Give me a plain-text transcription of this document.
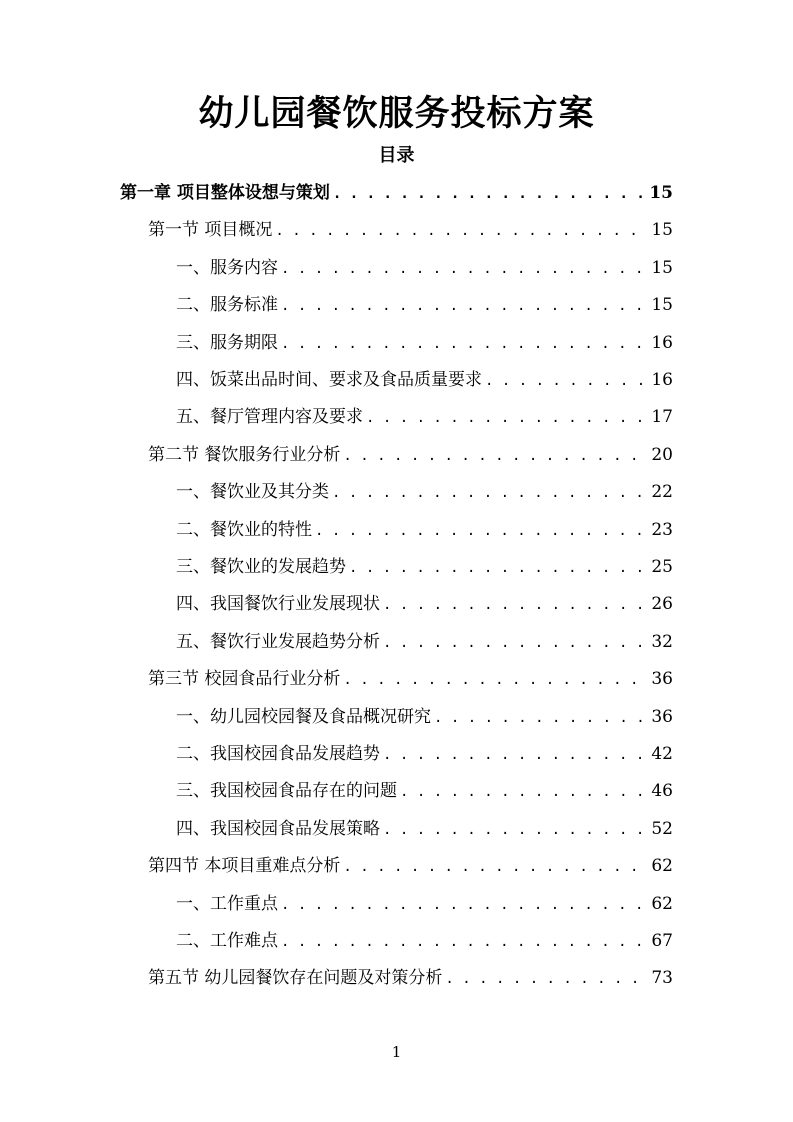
幼儿园餐饮服务投标方案
目录
第一章 项目整体设想与策划 . . .	15
第一节 项目概况 . . .	15
一、服务内容 . . .	15
二、服务标准 . . .	15
三、服务期限 . . .	16
四、饭菜出品时间、要求及食品质量要求 . . .	16
五、餐厅管理内容及要求 . . .	17
第二节 餐饮服务行业分析 . . .	20
一、餐饮业及其分类 . . .	22
二、餐饮业的特性 . . .	23
三、餐饮业的发展趋势 . . .	25
四、我国餐饮行业发展现状 . . .	26
五、餐饮行业发展趋势分析 . . .	32
第三节 校园食品行业分析 . . .	36
一、幼儿园校园餐及食品概况研究 . . .	36
二、我国校园食品发展趋势 . . .	42
三、我国校园食品存在的问题 . . .	46
四、我国校园食品发展策略 . . .	52
第四节 本项目重难点分析 . . .	62
一、工作重点 . . .	62
二、工作难点 . . .	67
第五节 幼儿园餐饮存在问题及对策分析 . . .	73
1
